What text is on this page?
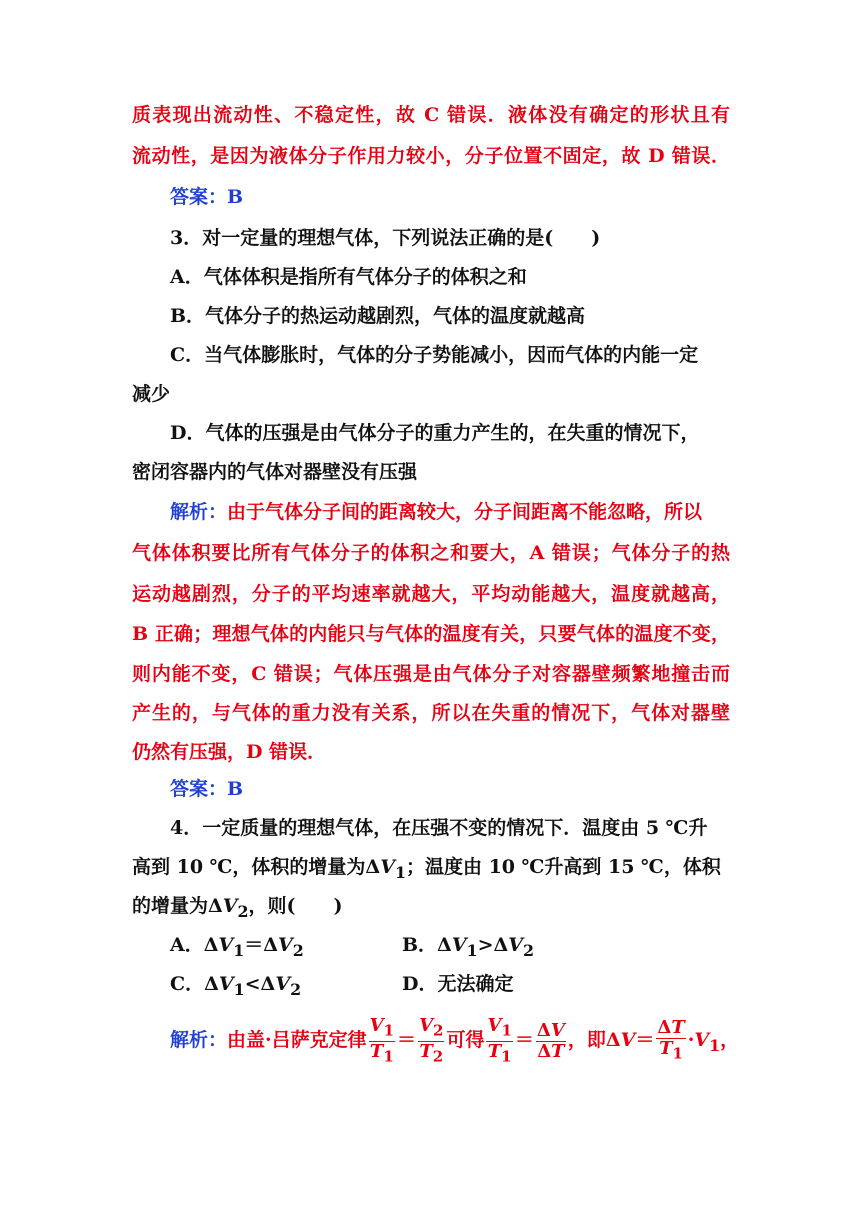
质表现出流动性、不稳定性，故 C 错误．液体没有确定的形状且有
流动性，是因为液体分子作用力较小，分子位置不固定，故 D 错误．
答案：B
3．对一定量的理想气体，下列说法正确的是(　　)
A．气体体积是指所有气体分子的体积之和
B．气体分子的热运动越剧烈，气体的温度就越高
C．当气体膨胀时，气体的分子势能减小，因而气体的内能一定
减少
D．气体的压强是由气体分子的重力产生的，在失重的情况下，
密闭容器内的气体对器壁没有压强
解析：由于气体分子间的距离较大，分子间距离不能忽略，所以
气体体积要比所有气体分子的体积之和要大，A 错误；气体分子的热
运动越剧烈，分子的平均速率就越大，平均动能越大，温度就越高，
B 正确；理想气体的内能只与气体的温度有关，只要气体的温度不变，
则内能不变，C 错误；气体压强是由气体分子对容器壁频繁地撞击而
产生的，与气体的重力没有关系，所以在失重的情况下，气体对器壁
仍然有压强，D 错误．
答案：B
4．一定质量的理想气体，在压强不变的情况下．温度由 5 ℃升
高到 10 ℃，体积的增量为$\Delta V_1$；温度由 10 ℃升高到 15 ℃，体积
的增量为$\Delta V_2$，则(　　)
A．$\Delta V_1=\Delta V_2$	B．$\Delta V_1>\Delta V_2$
C．$\Delta V_1<\Delta V_2$	D．无法确定
解析：由盖·吕萨克定律 $\frac{V_1}{T_1} = \frac{V_2}{T_2}$ 可得 $\frac{V_1}{T_1} = \frac{\Delta V}{\Delta T}$ ，即$\Delta V= \frac{\Delta T}{T_1} \cdot V_1$，
